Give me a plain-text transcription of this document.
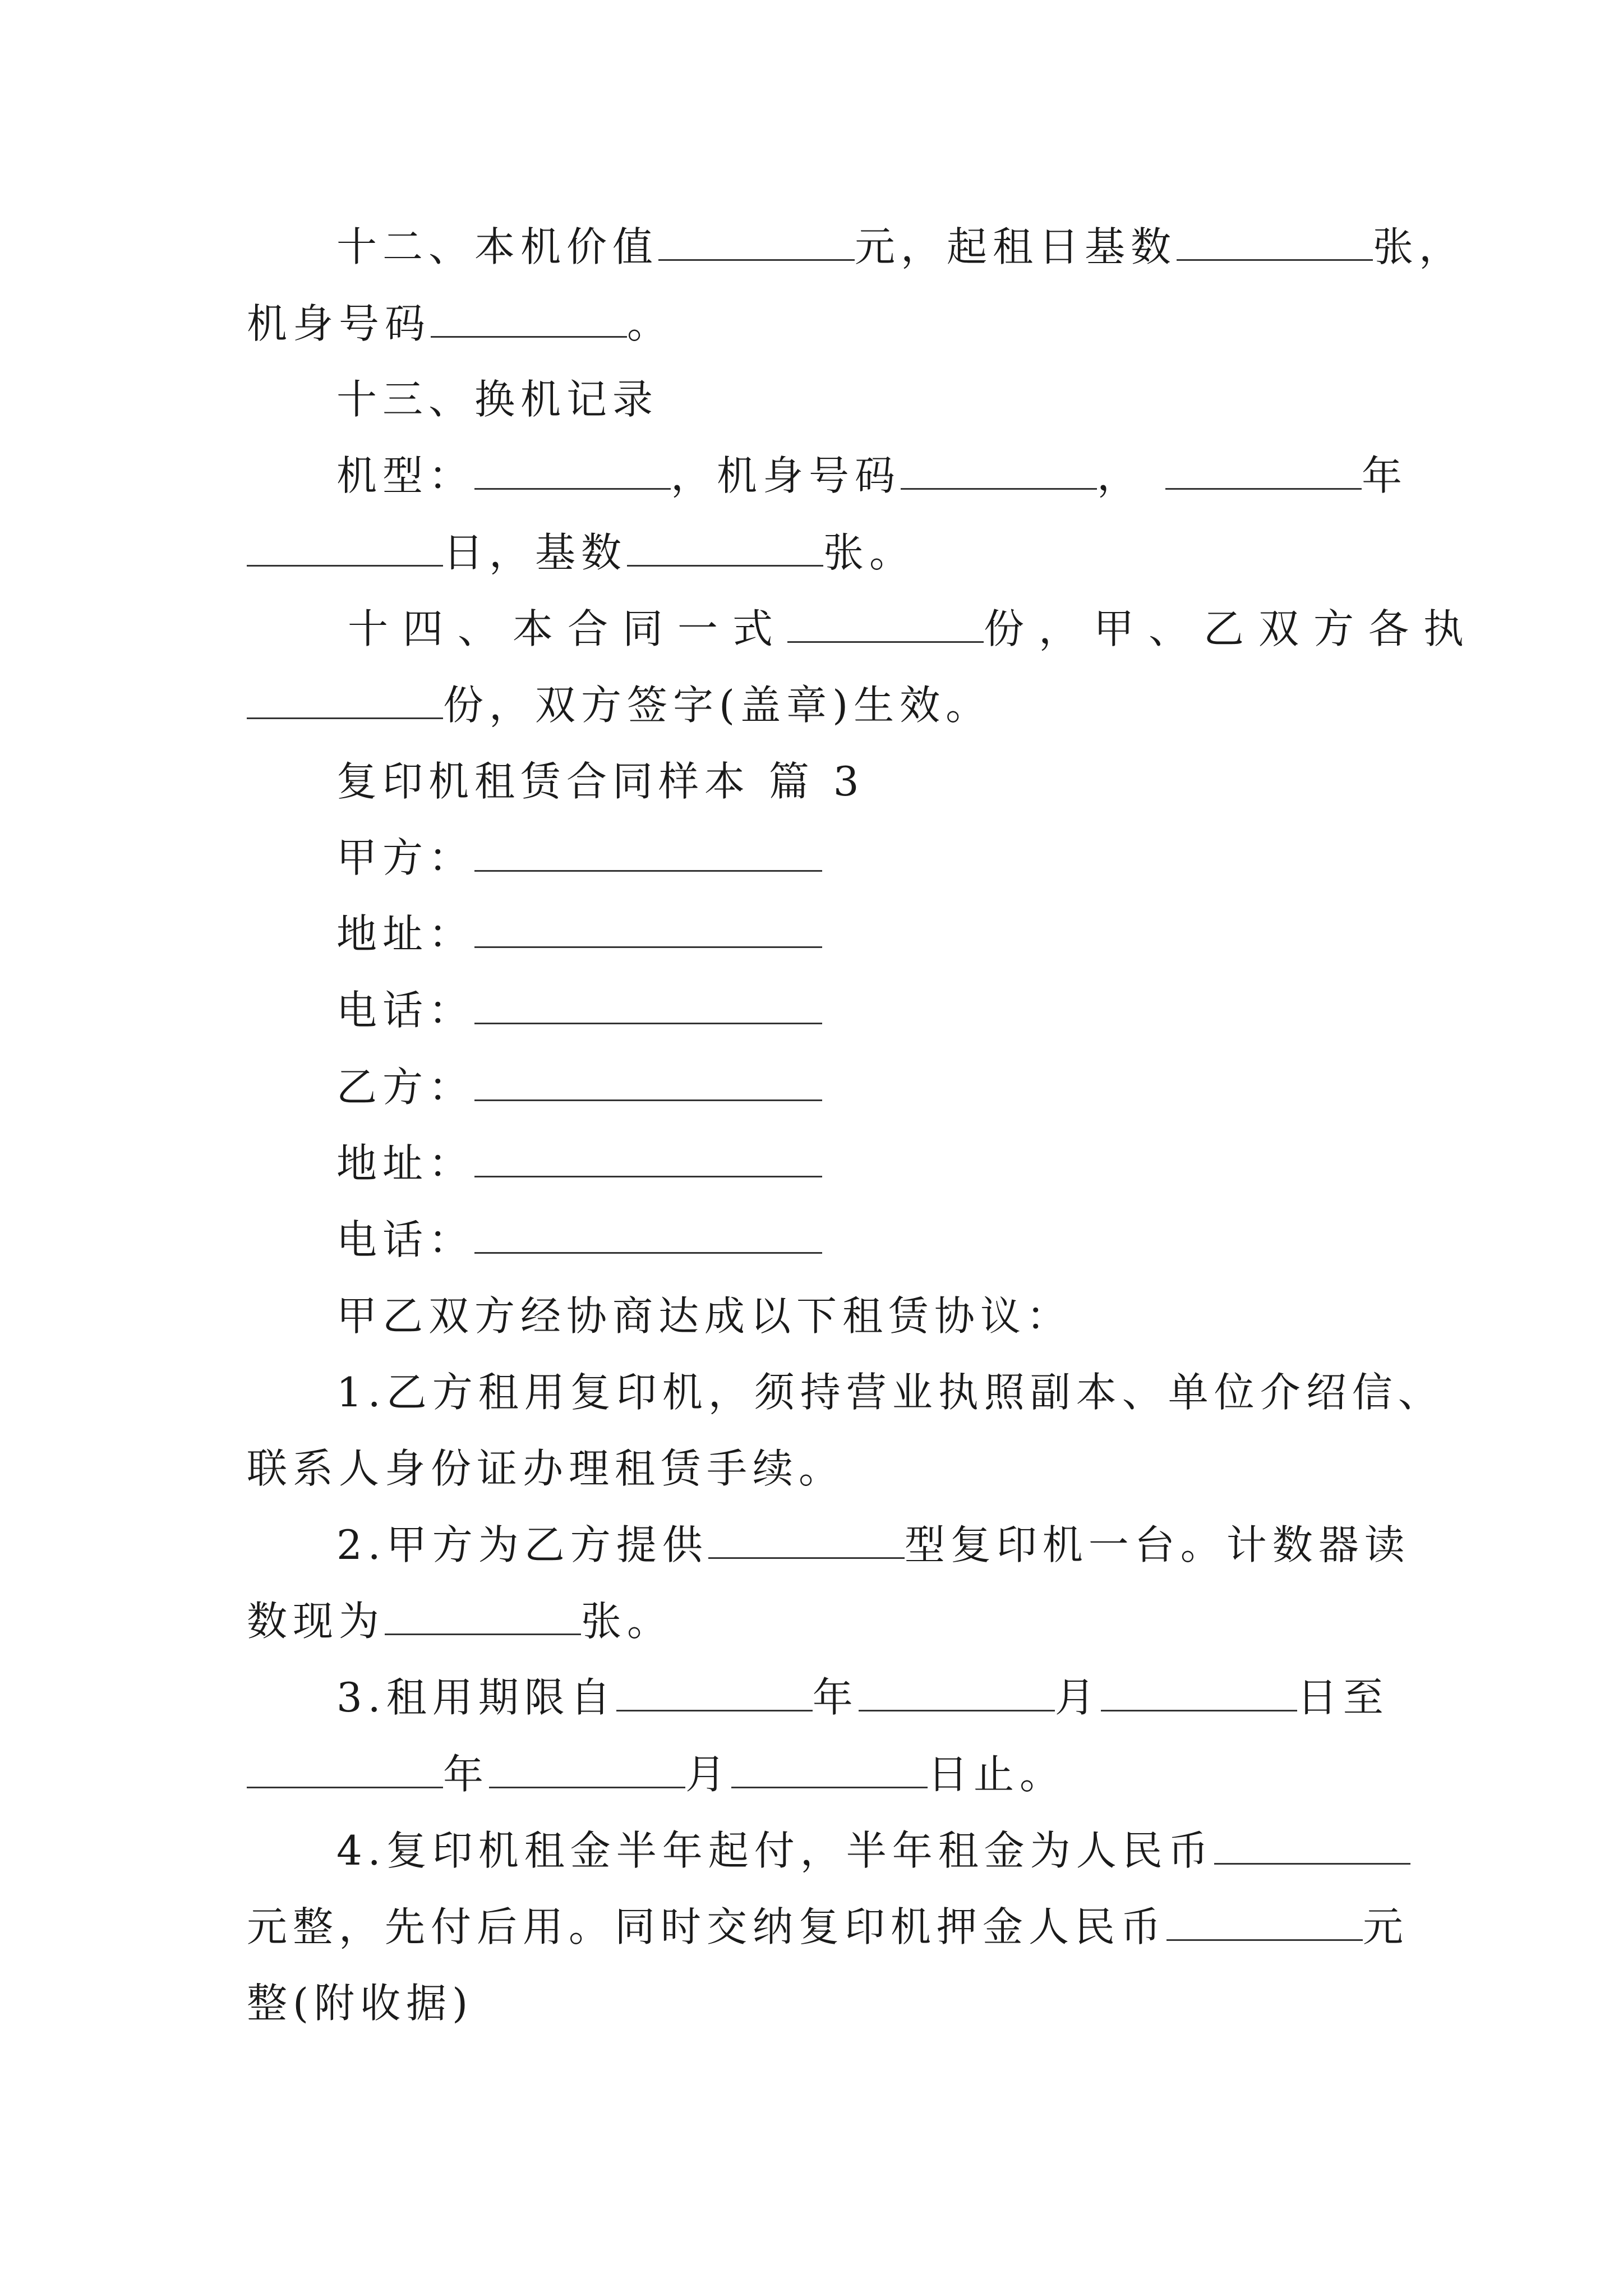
十二、本机价值	元，起租日基数	张，
机身号码	。
十三、换机记录
机型：	，机身号码	，	年
日，基数	张。
十四、本合同一式	份，甲、乙双方各执
份，双方签字(盖章)生效。
复印机租赁合同样本 篇 3
甲方：
地址：
电话：
乙方：
地址：
电话：
甲乙双方经协商达成以下租赁协议：
1.乙方租用复印机，须持营业执照副本、单位介绍信、
联系人身份证办理租赁手续。
2.甲方为乙方提供	型复印机一台。计数器读
数现为	张。
3.租用期限自	年	月	日至
年	月	日止。
4.复印机租金半年起付，半年租金为人民币
元整，先付后用。同时交纳复印机押金人民币	元
整(附收据)
